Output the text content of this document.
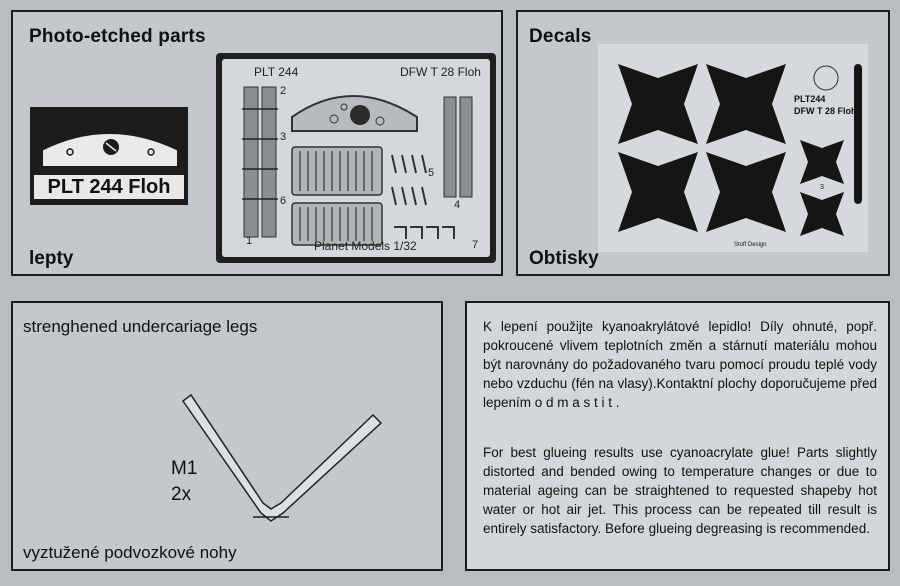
Photo-etched parts
PLT 244 Floh
PLT 244	DFW T 28 Floh
Planet Models 1/32
1
2
3
4
5
6
7
lepty
Decals
PLT244
DFW T 28 Floh
3
Stoff Design
Obtisky
strenghened undercariage legs
M1
2x
vyztužené podvozkové nohy
K lepení použijte kyanoakrylátové lepidlo! Díly ohnuté, popř. pokroucené vlivem teplotních změn a stárnutí materiálu mohou být narovnány do požadovaného tvaru pomocí proudu teplé vody nebo vzduchu (fén na vlasy).Kontaktní plochy doporučujeme před lepením o d m a s t i t .
For best glueing results use cyanoacrylate glue! Parts slightly distorted and bended owing to temperature changes or due to material ageing can be straightened to requested shapeby hot water or hot air jet. This process can be repeated till result is entirely satisfactory. Before glueing degreasing is recommended.
